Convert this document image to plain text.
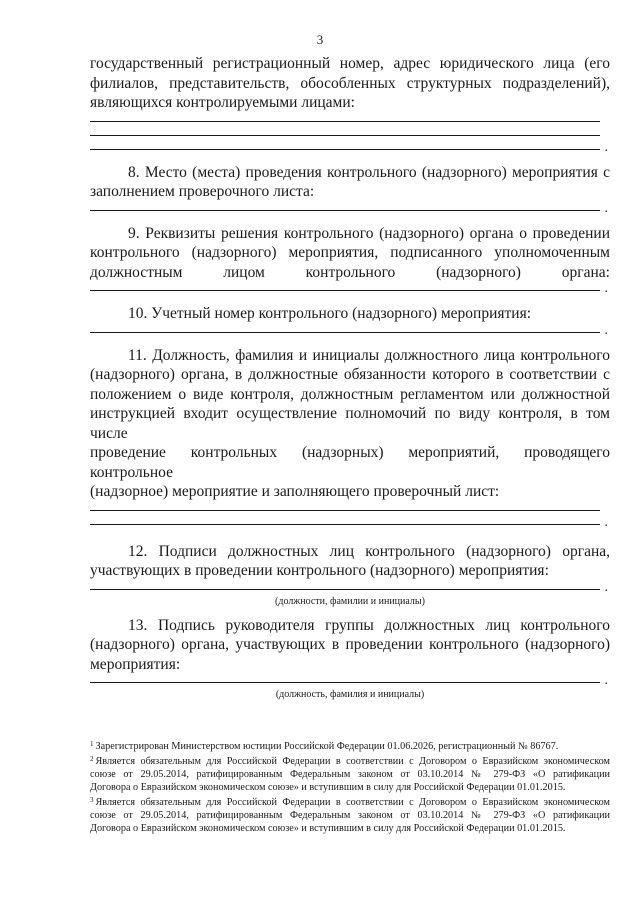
3
государственный регистрационный номер, адрес юридического лица (его
филиалов, представительств, обособленных структурных подразделений),
являющихся контролируемыми лицами:
.
8. Место (места) проведения контрольного (надзорного) мероприятия с
заполнением проверочного листа:
.
9. Реквизиты решения контрольного (надзорного) органа о проведении
контрольного (надзорного) мероприятия, подписанного уполномоченным
должностным лицом контрольного (надзорного) органа:
.
10. Учетный номер контрольного (надзорного) мероприятия:
.
11. Должность, фамилия и инициалы должностного лица контрольного
(надзорного) органа, в должностные обязанности которого в соответствии с
положением о виде контроля, должностным регламентом или должностной
инструкцией входит осуществление полномочий по виду контроля, в том числе
проведение контрольных (надзорных) мероприятий, проводящего контрольное
(надзорное) мероприятие и заполняющего проверочный лист:
.
12. Подписи должностных лиц контрольного (надзорного) органа,
участвующих в проведении контрольного (надзорного) мероприятия:
.
(должности, фамилии и инициалы)
13. Подпись руководителя группы должностных лиц контрольного
(надзорного) органа, участвующих в проведении контрольного (надзорного)
мероприятия:
.
(должность, фамилия и инициалы)
$^1$ Зарегистрирован Министерством юстиции Российской Федерации 01.06.2026, регистрационный № 86767.
$^2$ Является обязательным для Российской Федерации в соответствии с Договором о Евразийском экономическом
союзе от 29.05.2014, ратифицированным Федеральным законом от 03.10.2014 № 279-ФЗ «О ратификации
Договора о Евразийском экономическом союзе» и вступившим в силу для Российской Федерации 01.01.2015.
$^3$ Является обязательным для Российской Федерации в соответствии с Договором о Евразийском экономическом
союзе от 29.05.2014, ратифицированным Федеральным законом от 03.10.2014 № 279-ФЗ «О ратификации
Договора о Евразийском экономическом союзе» и вступившим в силу для Российской Федерации 01.01.2015.
